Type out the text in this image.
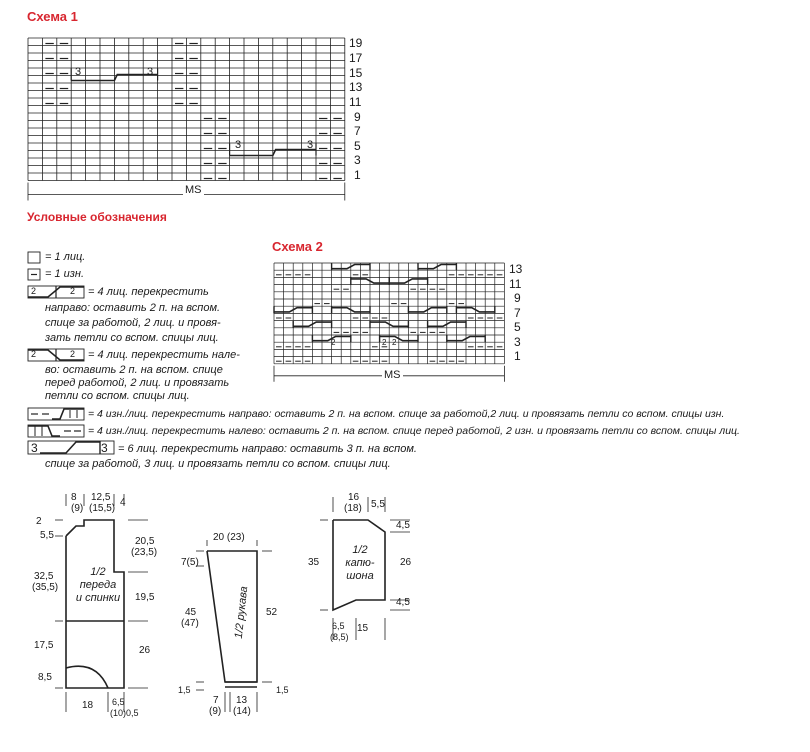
Схема 1
19
17
15
13
11
9
7
5
3
1
3	3
3	3
MS
Условные обозначения
= 1 лиц.
= 1 изн.
= 4 лиц. перекрестить
направо: оставить 2 п. на вспом.
спице за работой, 2 лиц. и провя-
зать петли со вспом. спицы лиц.
= 4 лиц. перекрестить нале-
во: оставить 2 п. на вспом. спице
перед работой, 2 лиц. и провязать
петли со вспом. спицы лиц.
= 4 изн./лиц. перекрестить направо: оставить 2 п. на вспом. спице за работой,2 лиц. и провязать петли со вспом. спицы изн.
= 4 изн./лиц. перекрестить налево: оставить 2 п. на вспом. спице перед работой, 2 изн. и провязать петли со вспом. спицы лиц.
= 6 лиц. перекрестить направо: оставить 3 п. на вспом.
спице за работой, 3 лиц. и провязать петли со вспом. спицы лиц.
2	2
2	2
3	3
Схема 2
13
11
9
7
5
3
1
2	2 2
MS
1/2
переда
и спинки
8
(9)
12,5
(15,5)
4
2
5,5
32,5
(35,5)
17,5
8,5
20,5
(23,5)
19,5
26
18 6,5
(10) 0,5
1/2 рукава
20 (23)
7(5)
45
(47)
52
1,5	1,5
7
(9)
13
(14)
1/2
капю-
шона
16
(18) 5,5
35	26
4,5
4,5
6,5
(8,5)
15
